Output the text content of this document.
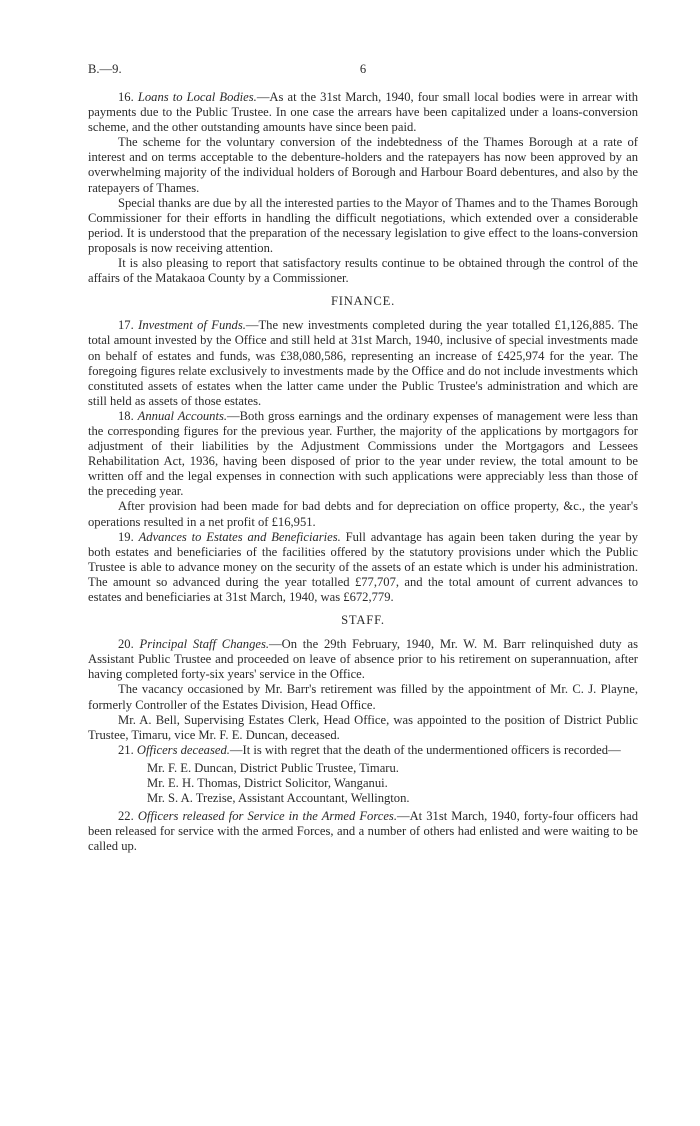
B.—9.	6

16. Loans to Local Bodies.—As at the 31st March, 1940, four small local bodies were in arrear with payments due to the Public Trustee. In one case the arrears have been capitalized under a loans-conversion scheme, and the other outstanding amounts have since been paid.

The scheme for the voluntary conversion of the indebtedness of the Thames Borough at a rate of interest and on terms acceptable to the debenture-holders and the ratepayers has now been approved by an overwhelming majority of the individual holders of Borough and Harbour Board debentures, and also by the ratepayers of Thames.

Special thanks are due by all the interested parties to the Mayor of Thames and to the Thames Borough Commissioner for their efforts in handling the difficult negotiations, which extended over a considerable period. It is understood that the preparation of the necessary legislation to give effect to the loans-conversion proposals is now receiving attention.

It is also pleasing to report that satisfactory results continue to be obtained through the control of the affairs of the Matakaoa County by a Commissioner.

FINANCE.

17. Investment of Funds.—The new investments completed during the year totalled £1,126,885. The total amount invested by the Office and still held at 31st March, 1940, inclusive of special investments made on behalf of estates and funds, was £38,080,586, representing an increase of £425,974 for the year. The foregoing figures relate exclusively to investments made by the Office and do not include investments which constituted assets of estates when the latter came under the Public Trustee's administration and which are still held as assets of those estates.

18. Annual Accounts.—Both gross earnings and the ordinary expenses of management were less than the corresponding figures for the previous year. Further, the majority of the applications by mortgagors for adjustment of their liabilities by the Adjustment Commissions under the Mortgagors and Lessees Rehabilitation Act, 1936, having been disposed of prior to the year under review, the total amount to be written off and the legal expenses in connection with such applications were appreciably less than those of the preceding year.

After provision had been made for bad debts and for depreciation on office property, &c., the year's operations resulted in a net profit of £16,951.

19. Advances to Estates and Beneficiaries. Full advantage has again been taken during the year by both estates and beneficiaries of the facilities offered by the statutory provisions under which the Public Trustee is able to advance money on the security of the assets of an estate which is under his administration. The amount so advanced during the year totalled £77,707, and the total amount of current advances to estates and beneficiaries at 31st March, 1940, was £672,779.

STAFF.

20. Principal Staff Changes.—On the 29th February, 1940, Mr. W. M. Barr relinquished duty as Assistant Public Trustee and proceeded on leave of absence prior to his retirement on superannuation, after having completed forty-six years' service in the Office.

The vacancy occasioned by Mr. Barr's retirement was filled by the appointment of Mr. C. J. Playne, formerly Controller of the Estates Division, Head Office.

Mr. A. Bell, Supervising Estates Clerk, Head Office, was appointed to the position of District Public Trustee, Timaru, vice Mr. F. E. Duncan, deceased.

21. Officers deceased.—It is with regret that the death of the undermentioned officers is recorded—

Mr. F. E. Duncan, District Public Trustee, Timaru.
Mr. E. H. Thomas, District Solicitor, Wanganui.
Mr. S. A. Trezise, Assistant Accountant, Wellington.

22. Officers released for Service in the Armed Forces.—At 31st March, 1940, forty-four officers had been released for service with the armed Forces, and a number of others had enlisted and were waiting to be called up.
